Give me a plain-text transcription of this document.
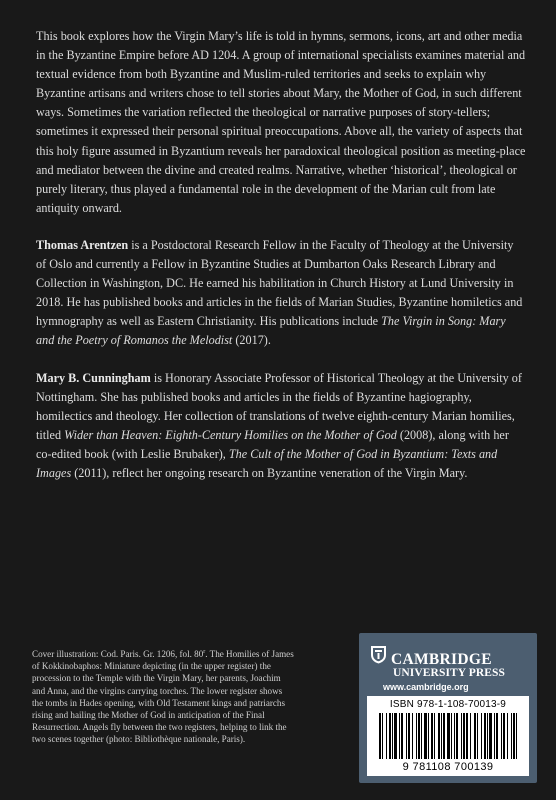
This book explores how the Virgin Mary’s life is told in hymns, sermons, icons, art and other media in the Byzantine Empire before AD 1204. A group of international specialists examines material and textual evidence from both Byzantine and Muslim-ruled territories and seeks to explain why Byzantine artisans and writers chose to tell stories about Mary, the Mother of God, in such different ways. Sometimes the variation reflected the theological or narrative purposes of story-tellers; sometimes it expressed their personal spiritual preoccupations. Above all, the variety of aspects that this holy figure assumed in Byzantium reveals her paradoxical theological position as meeting-place and mediator between the divine and created realms. Narrative, whether ‘historical’, theological or purely literary, thus played a fundamental role in the development of the Marian cult from late antiquity onward.

Thomas Arentzen is a Postdoctoral Research Fellow in the Faculty of Theology at the University of Oslo and currently a Fellow in Byzantine Studies at Dumbarton Oaks Research Library and Collection in Washington, DC. He earned his habilitation in Church History at Lund University in 2018. He has published books and articles in the fields of Marian Studies, Byzantine homiletics and hymnography as well as Eastern Christianity. His publications include The Virgin in Song: Mary and the Poetry of Romanos the Melodist (2017).

Mary B. Cunningham is Honorary Associate Professor of Historical Theology at the University of Nottingham. She has published books and articles in the fields of Byzantine hagiography, homilectics and theology. Her collection of translations of twelve eighth-century Marian homilies, titled Wider than Heaven: Eighth-Century Homilies on the Mother of God (2008), along with her co-edited book (with Leslie Brubaker), The Cult of the Mother of God in Byzantium: Texts and Images (2011), reflect her ongoing research on Byzantine veneration of the Virgin Mary.

Cover illustration: Cod. Paris. Gr. 1206, fol. 80$^r$. The Homilies of James of Kokkinobaphos: Miniature depicting (in the upper register) the procession to the Temple with the Virgin Mary, her parents, Joachim and Anna, and the virgins carrying torches. The lower register shows the tombs in Hades opening, with Old Testament kings and patriarchs rising and hailing the Mother of God in anticipation of the Final Resurrection. Angels fly between the two registers, helping to link the two scenes together (photo: Bibliothèque nationale, Paris).
CAMBRIDGE
UNIVERSITY PRESS
www.cambridge.org
ISBN 978-1-108-70013-9
9 781108 700139
